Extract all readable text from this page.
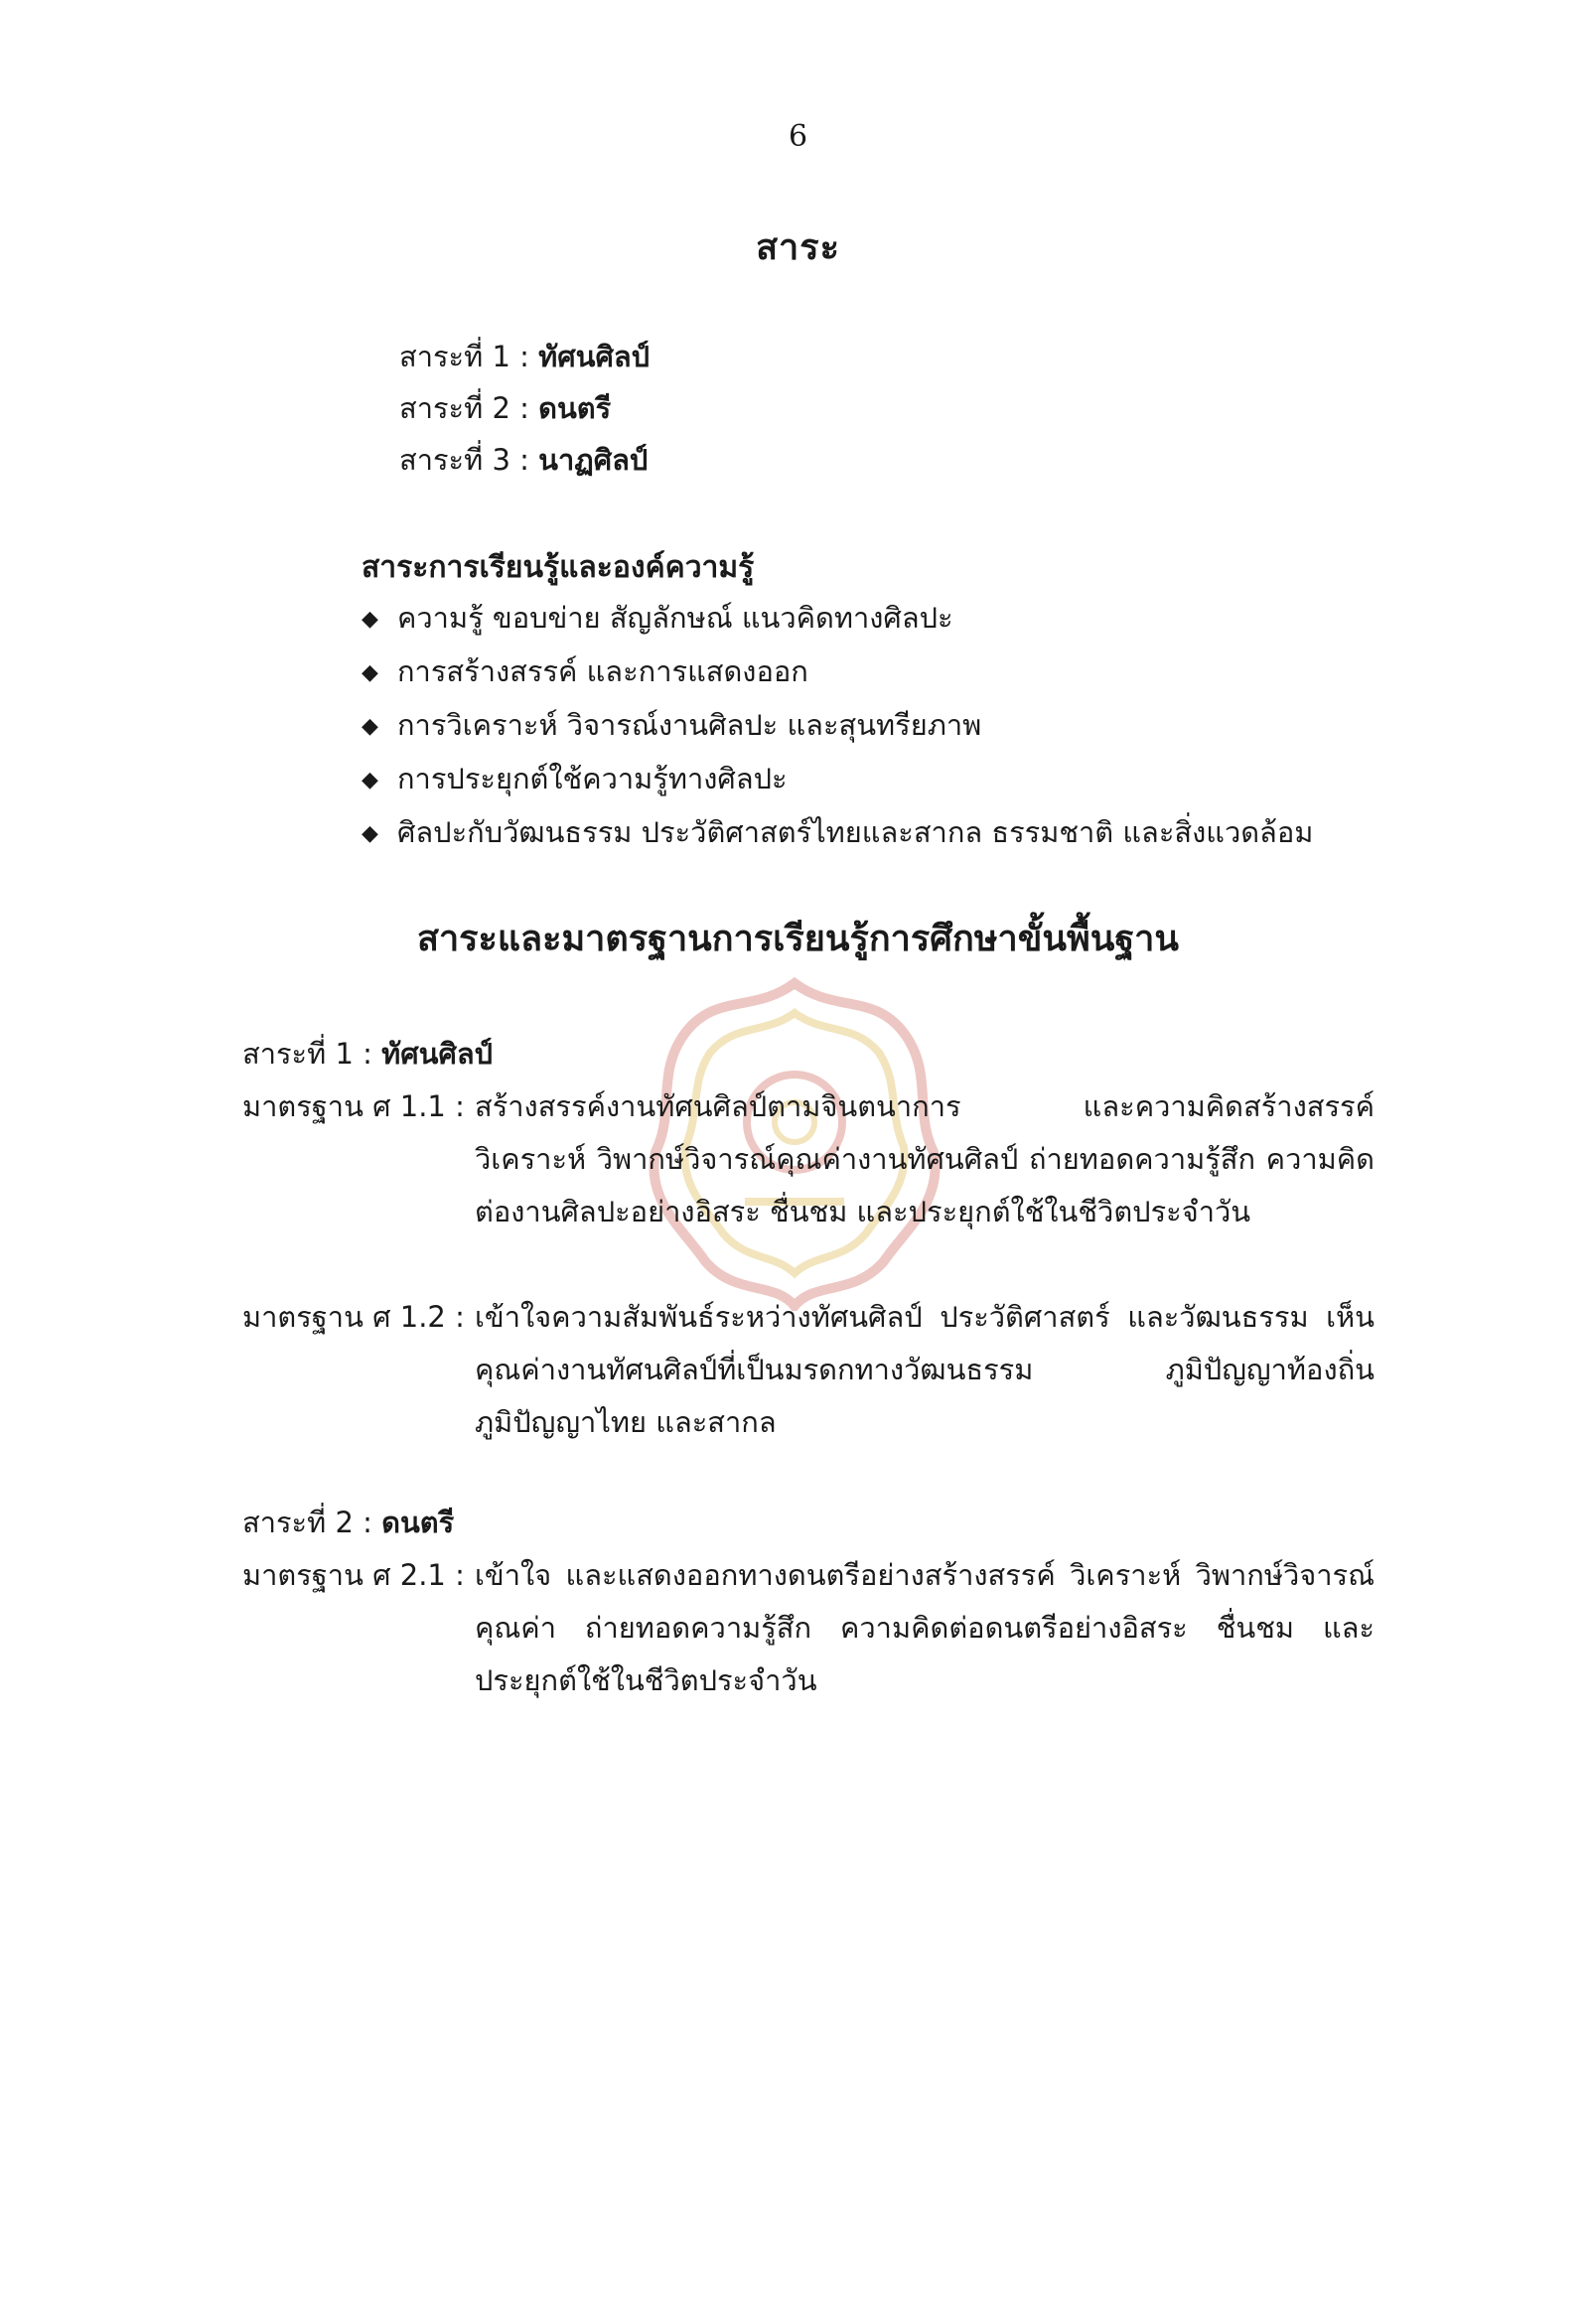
6
สาระ
สาระที่ 1 : ทัศนศิลป์
สาระที่ 2 : ดนตรี
สาระที่ 3 : นาฏศิลป์
สาระการเรียนรู้และองค์ความรู้
◆ ความรู้ ขอบข่าย สัญลักษณ์ แนวคิดทางศิลปะ
◆ การสร้างสรรค์ และการแสดงออก
◆ การวิเคราะห์ วิจารณ์งานศิลปะ และสุนทรียภาพ
◆ การประยุกต์ใช้ความรู้ทางศิลปะ
◆ ศิลปะกับวัฒนธรรม ประวัติศาสตร์ไทยและสากล ธรรมชาติ และสิ่งแวดล้อม
สาระและมาตรฐานการเรียนรู้การศึกษาขั้นพื้นฐาน
สาระที่ 1 : ทัศนศิลป์
มาตรฐาน ศ 1.1 : สร้างสรรค์งานทัศนศิลป์ตามจินตนาการ และความคิดสร้างสรรค์ วิเคราะห์ วิพากษ์วิจารณ์คุณค่างานทัศนศิลป์ ถ่ายทอดความรู้สึก ความคิดต่องานศิลปะอย่างอิสระ ชื่นชม และประยุกต์ใช้ในชีวิตประจำวัน
มาตรฐาน ศ 1.2 : เข้าใจความสัมพันธ์ระหว่างทัศนศิลป์ ประวัติศาสตร์ และวัฒนธรรม เห็นคุณค่างานทัศนศิลป์ที่เป็นมรดกทางวัฒนธรรม ภูมิปัญญาท้องถิ่น ภูมิปัญญาไทย และสากล
สาระที่ 2 : ดนตรี
มาตรฐาน ศ 2.1 : เข้าใจ และแสดงออกทางดนตรีอย่างสร้างสรรค์ วิเคราะห์ วิพากษ์วิจารณ์ คุณค่า ถ่ายทอดความรู้สึก ความคิดต่อดนตรีอย่างอิสระ ชื่นชม และประยุกต์ใช้ในชีวิตประจำวัน
